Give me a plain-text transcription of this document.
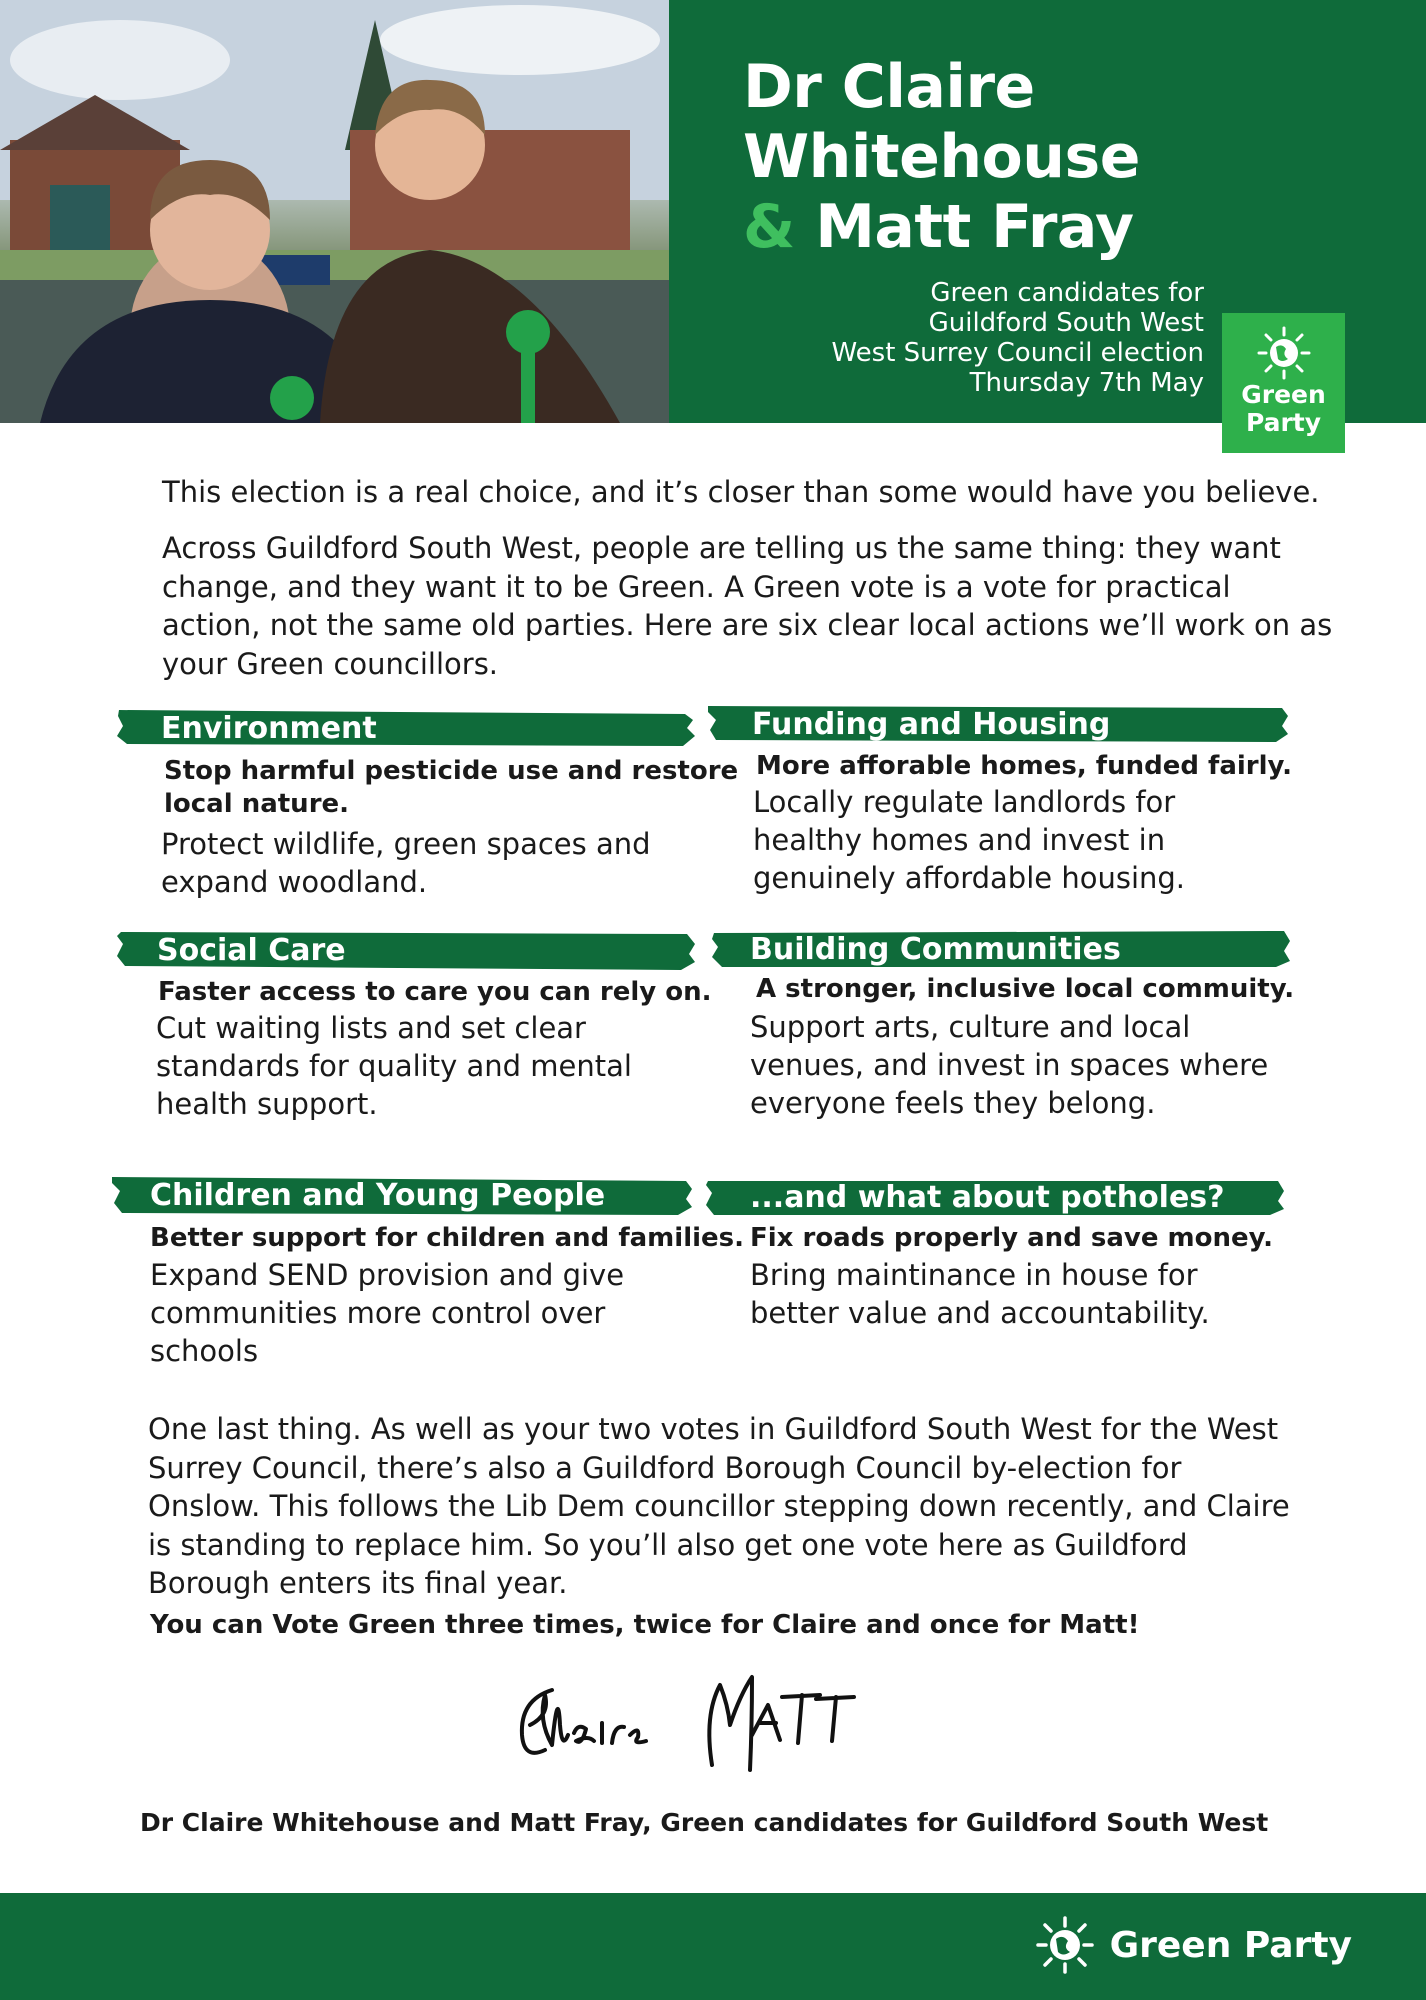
Dr Claire Whitehouse
& Matt Fray
Green candidates for
Guildford South West
West Surrey Council election
Thursday 7th May Green
Party

This election is a real choice, and it’s closer than some would have you believe.

Across Guildford South West, people are telling us the same thing: they want
change, and they want it to be Green. A Green vote is a vote for practical
action, not the same old parties. Here are six clear local actions we’ll work on as
your Green councillors.
Environment
Stop harmful pesticide use and restore
local nature.
Protect wildlife, green spaces and
expand woodland.
Funding and Housing
More afforable homes, funded fairly.
Locally regulate landlords for
healthy homes and invest in
genuinely affordable housing.
Social Care
Faster access to care you can rely on.
Cut waiting lists and set clear
standards for quality and mental
health support.
Building Communities
A stronger, inclusive local commuity.
Support arts, culture and local
venues, and invest in spaces where
everyone feels they belong.
Children and Young People
Better support for children and families.
Expand SEND provision and give
communities more control over
schools
...and what about potholes?
Fix roads properly and save money.
Bring maintinance in house for
better value and accountability.
One last thing. As well as your two votes in Guildford South West for the West
Surrey Council, there’s also a Guildford Borough Council by-election for
Onslow. This follows the Lib Dem councillor stepping down recently, and Claire
is standing to replace him. So you’ll also get one vote here as Guildford
Borough enters its final year.

You can Vote Green three times, twice for Claire and once for Matt!

Dr Claire Whitehouse and Matt Fray, Green candidates for Guildford South West

Green Party
